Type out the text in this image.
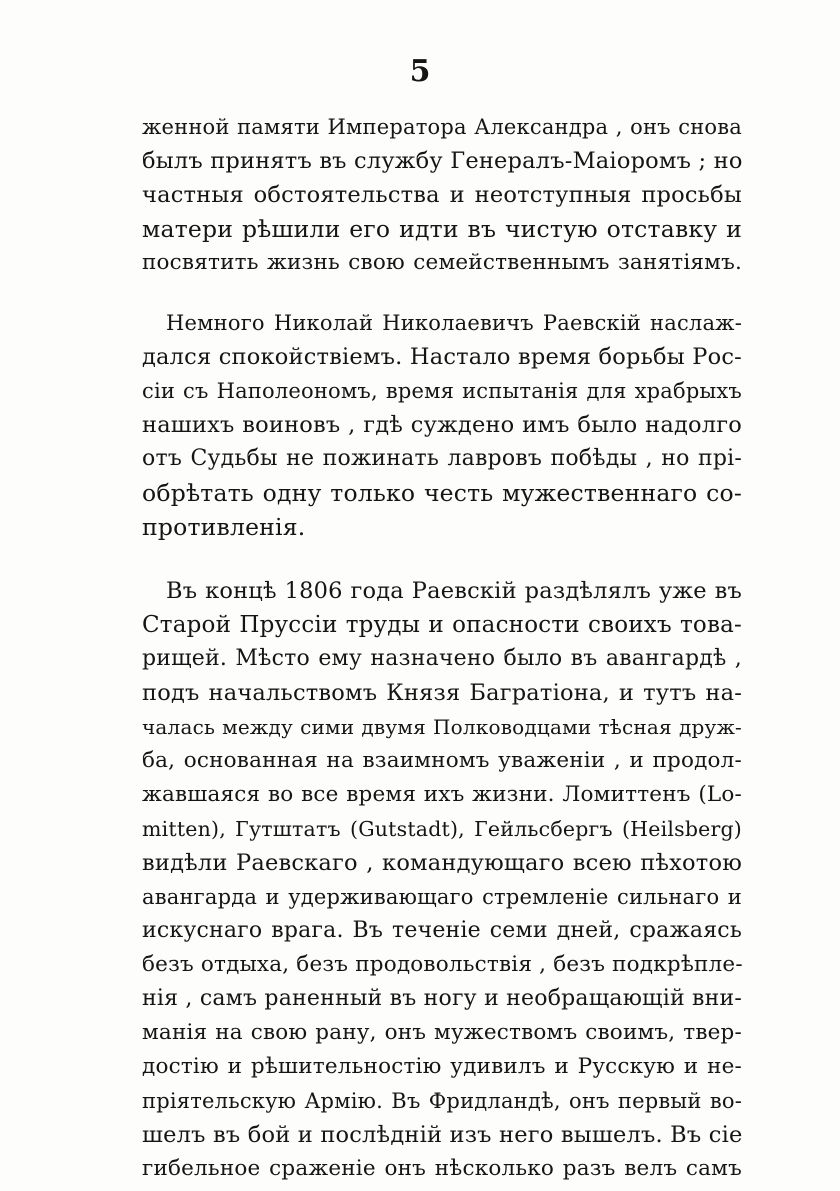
5
женной памяти Императора Александра , онъ снова
былъ принятъ въ службу Генералъ-Маіоромъ ; но
частныя обстоятельства и неотступныя просьбы
матери рѣшили его идти въ чистую отставку и
посвятить жизнь свою семейственнымъ занятіямъ.
Немного Николай Николаевичъ Раевскій наслаж-
дался спокойствіемъ. Настало время борьбы Рос-
сіи съ Наполеономъ, время испытанія для храбрыхъ
нашихъ воиновъ , гдѣ суждено имъ было надолго
отъ Судьбы не пожинать лавровъ побѣды , но прі-
обрѣтать одну только честь мужественнаго со-
противленія.
Въ концѣ 1806 года Раевскій раздѣлялъ уже въ
Старой Пруссіи труды и опасности своихъ това-
рищей. Мѣсто ему назначено было въ авангардѣ ,
подъ начальствомъ Князя Багратіона, и тутъ на-
чалась между сими двумя Полководцами тѣсная друж-
ба, основанная на взаимномъ уваженіи , и продол-
жавшаяся во все время ихъ жизни. Ломиттенъ (Lo-
mitten), Гутштатъ (Gutstadt), Гейльсбергъ (Heilsberg)
видѣли Раевскаго , командующаго всею пѣхотою
авангарда и удерживающаго стремленіе сильнаго и
искуснаго врага. Въ теченіе семи дней, сражаясь
безъ отдыха, безъ продовольствія , безъ подкрѣпле-
нія , самъ раненный въ ногу и необращающій вни-
манія на свою рану, онъ мужествомъ своимъ, твер-
достію и рѣшительностію удивилъ и Русскую и не-
пріятельскую Армію. Въ Фридландѣ, онъ первый во-
шелъ въ бой и послѣдній изъ него вышелъ. Въ сіе
гибельное сраженіе онъ нѣсколько разъ велъ самъ
